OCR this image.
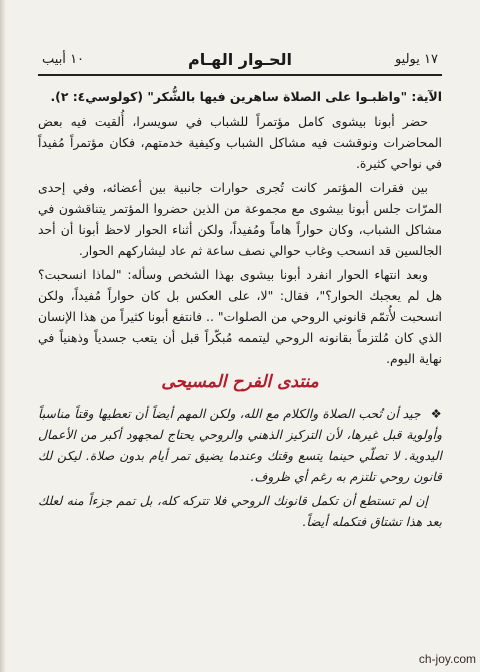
١٧ يوليو
الحـوار الهـام
١٠ أبيب

الآية: "واظبـوا على الصلاة ساهرين فيها بالشُّكر" (كولوسي٤: ٢).

حضر أبونا بيشوى كامل مؤتمراً للشباب في سويسرا، أُلقيت فيه بعض المحاضرات ونوقشت فيه مشاكل الشباب وكيفية خدمتهم، فكان مؤتمراً مُفيداً في نواحي كثيرة.

بين فقرات المؤتمر كانت تُجرى حوارات جانبية بين أعضائه، وفي إحدى المرّات جلس أبونا بيشوى مع مجموعة من الذين حضروا المؤتمر يتناقشون في مشاكل الشباب، وكان حواراً هاماً ومُفيداً، ولكن أثناء الحوار لاحظ أبونا أن أحد الجالسين قد انسحب وغاب حوالي نصف ساعة ثم عاد ليشاركهم الحوار.

وبعد انتهاء الحوار انفرد أبونا بيشوى بهذا الشخص وسأله: "لماذا انسحبت؟ هل لم يعجبك الحوار؟"، فقال: "لا، على العكس بل كان حواراً مُفيداً، ولكن انسحبت لأُتمّم قانوني الروحي من الصلوات" .. فانتفع أبونا كثيراً من هذا الإنسان الذي كان مُلتزماً بقانونه الروحي ليتممه مُبكّراً قبل أن يتعب جسدياً وذهنياً في نهاية اليوم.

منتدى الفرح المسيحى

❖ جيد أن تُحب الصلاة والكلام مع الله، ولكن المهم أيضاً أن تعطيها وقتاً مناسباً وأولوية قبل غيرها، لأن التركيز الذهني والروحي يحتاج لمجهود أكبر من الأعمال اليدوية. لا تصلّي حينما يتسع وقتك وعندما يضيق تمر أيام بدون صلاة. ليكن لك قانون روحي تلتزم به رغم أي ظروف.

إن لم تستطع أن تكمل قانونك الروحي فلا تتركه كله، بل تمم جزءاً منه لعلك بعد هذا تشتاق فتكمله أيضاً.

ch-joy.com
